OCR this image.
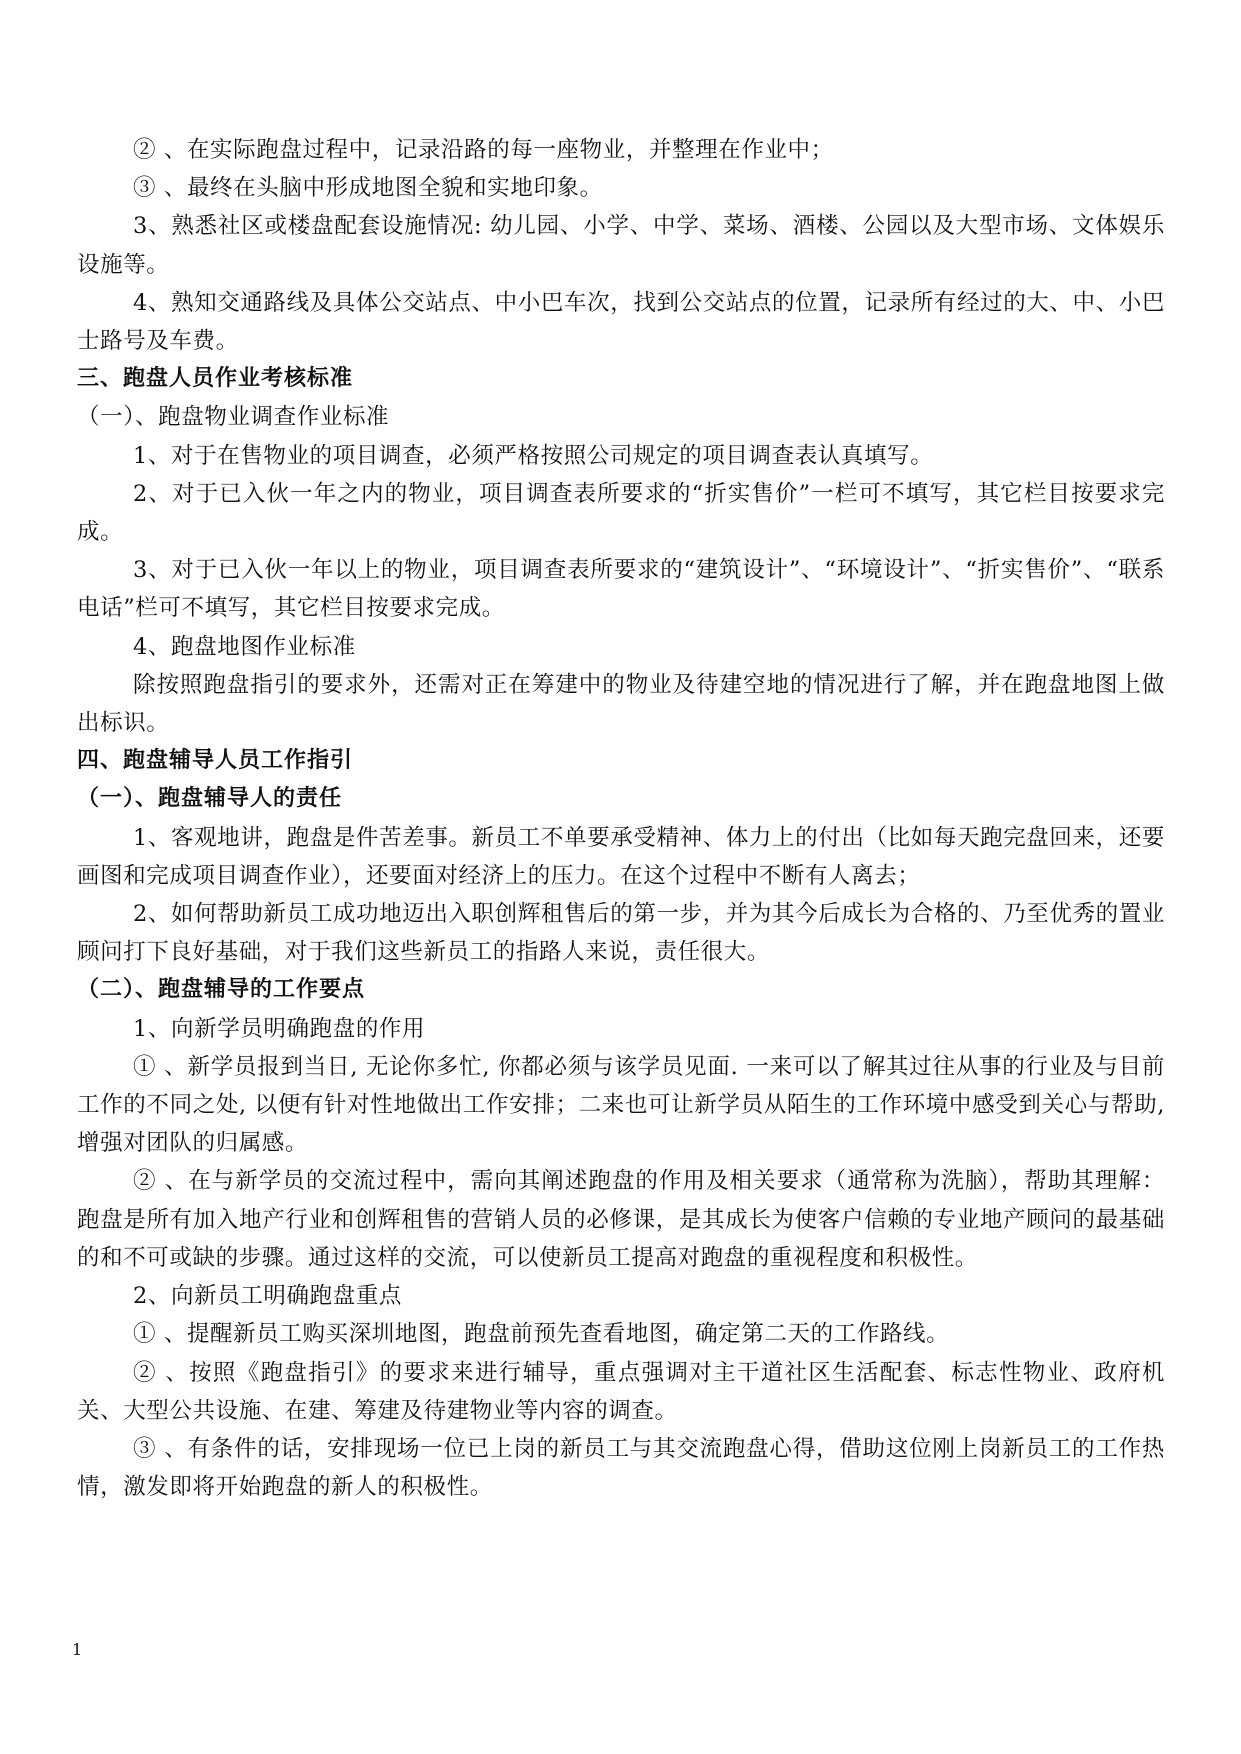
② 、在实际跑盘过程中，记录沿路的每一座物业，并整理在作业中；

③ 、最终在头脑中形成地图全貌和实地印象。

3、熟悉社区或楼盘配套设施情况: 幼儿园、小学、中学、菜场、酒楼、公园以及大型市场、文体娱乐设施等。

4、熟知交通路线及具体公交站点、中小巴车次，找到公交站点的位置，记录所有经过的大、中、小巴士路号及车费。

三、跑盘人员作业考核标准

（一）、跑盘物业调查作业标准

1、对于在售物业的项目调查，必须严格按照公司规定的项目调查表认真填写。

2、对于已入伙一年之内的物业，项目调查表所要求的“折实售价”一栏可不填写，其它栏目按要求完成。

3、对于已入伙一年以上的物业，项目调查表所要求的“建筑设计”、“环境设计”、“折实售价”、“联系电话”栏可不填写，其它栏目按要求完成。

4、跑盘地图作业标准

除按照跑盘指引的要求外，还需对正在筹建中的物业及待建空地的情况进行了解，并在跑盘地图上做出标识。

四、跑盘辅导人员工作指引

（一）、跑盘辅导人的责任

1、客观地讲，跑盘是件苦差事。新员工不单要承受精神、体力上的付出（比如每天跑完盘回来，还要画图和完成项目调查作业），还要面对经济上的压力。在这个过程中不断有人离去；

2、如何帮助新员工成功地迈出入职创辉租售后的第一步，并为其今后成长为合格的、乃至优秀的置业顾问打下良好基础，对于我们这些新员工的指路人来说，责任很大。

（二）、跑盘辅导的工作要点

1、向新学员明确跑盘的作用

① 、新学员报到当日, 无论你多忙, 你都必须与该学员见面. 一来可以了解其过往从事的行业及与目前工作的不同之处, 以便有针对性地做出工作安排；二来也可让新学员从陌生的工作环境中感受到关心与帮助, 增强对团队的归属感。

② 、在与新学员的交流过程中，需向其阐述跑盘的作用及相关要求（通常称为洗脑），帮助其理解：跑盘是所有加入地产行业和创辉租售的营销人员的必修课，是其成长为使客户信赖的专业地产顾问的最基础的和不可或缺的步骤。通过这样的交流，可以使新员工提高对跑盘的重视程度和积极性。

2、向新员工明确跑盘重点

① 、提醒新员工购买深圳地图，跑盘前预先查看地图，确定第二天的工作路线。

② 、按照《跑盘指引》的要求来进行辅导，重点强调对主干道社区生活配套、标志性物业、政府机关、大型公共设施、在建、筹建及待建物业等内容的调查。

③ 、有条件的话，安排现场一位已上岗的新员工与其交流跑盘心得，借助这位刚上岗新员工的工作热情，激发即将开始跑盘的新人的积极性。

1
